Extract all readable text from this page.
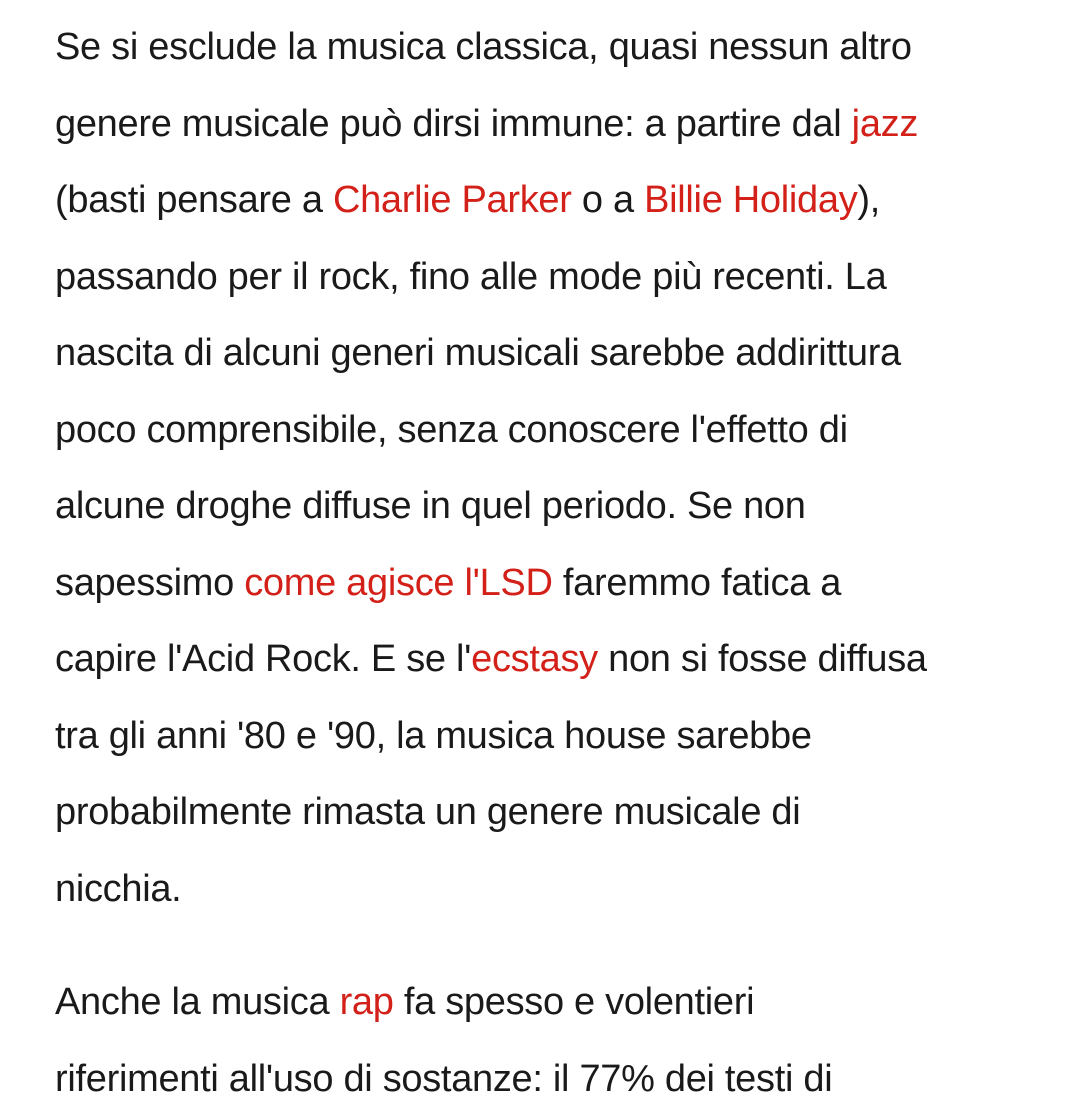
Se si esclude la musica classica, quasi nessun altro
genere musicale può dirsi immune: a partire dal jazz
(basti pensare a Charlie Parker o a Billie Holiday),
passando per il rock, fino alle mode più recenti. La
nascita di alcuni generi musicali sarebbe addirittura
poco comprensibile, senza conoscere l'effetto di
alcune droghe diffuse in quel periodo. Se non
sapessimo come agisce l'LSD faremmo fatica a
capire l'Acid Rock. E se l'ecstasy non si fosse diffusa
tra gli anni '80 e '90, la musica house sarebbe
probabilmente rimasta un genere musicale di
nicchia.

Anche la musica rap fa spesso e volentieri
riferimenti all'uso di sostanze: il 77% dei testi di
